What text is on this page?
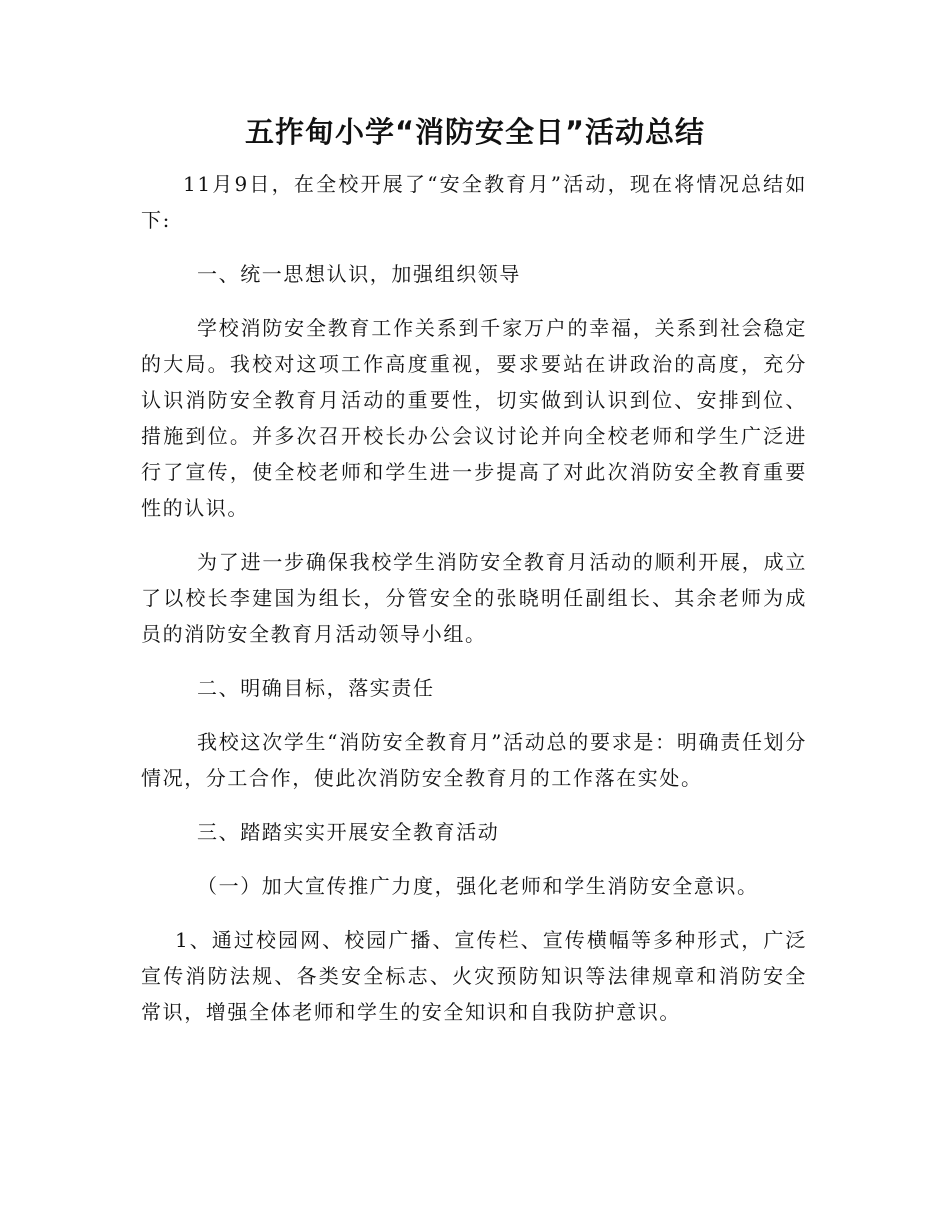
五拃甸小学“消防安全日”活动总结

11月9日，在全校开展了“安全教育月”活动，现在将情况总结如下:

一、统一思想认识，加强组织领导

学校消防安全教育工作关系到千家万户的幸福，关系到社会稳定的大局。我校对这项工作高度重视，要求要站在讲政治的高度，充分认识消防安全教育月活动的重要性，切实做到认识到位、安排到位、措施到位。并多次召开校长办公会议讨论并向全校老师和学生广泛进行了宣传，使全校老师和学生进一步提高了对此次消防安全教育重要性的认识。

为了进一步确保我校学生消防安全教育月活动的顺利开展，成立了以校长李建国为组长，分管安全的张晓明任副组长、其余老师为成员的消防安全教育月活动领导小组。

二、明确目标，落实责任

我校这次学生“消防安全教育月”活动总的要求是：明确责任划分情况，分工合作，使此次消防安全教育月的工作落在实处。

三、踏踏实实开展安全教育活动

（一）加大宣传推广力度，强化老师和学生消防安全意识。

1、通过校园网、校园广播、宣传栏、宣传横幅等多种形式，广泛宣传消防法规、各类安全标志、火灾预防知识等法律规章和消防安全常识，增强全体老师和学生的安全知识和自我防护意识。
